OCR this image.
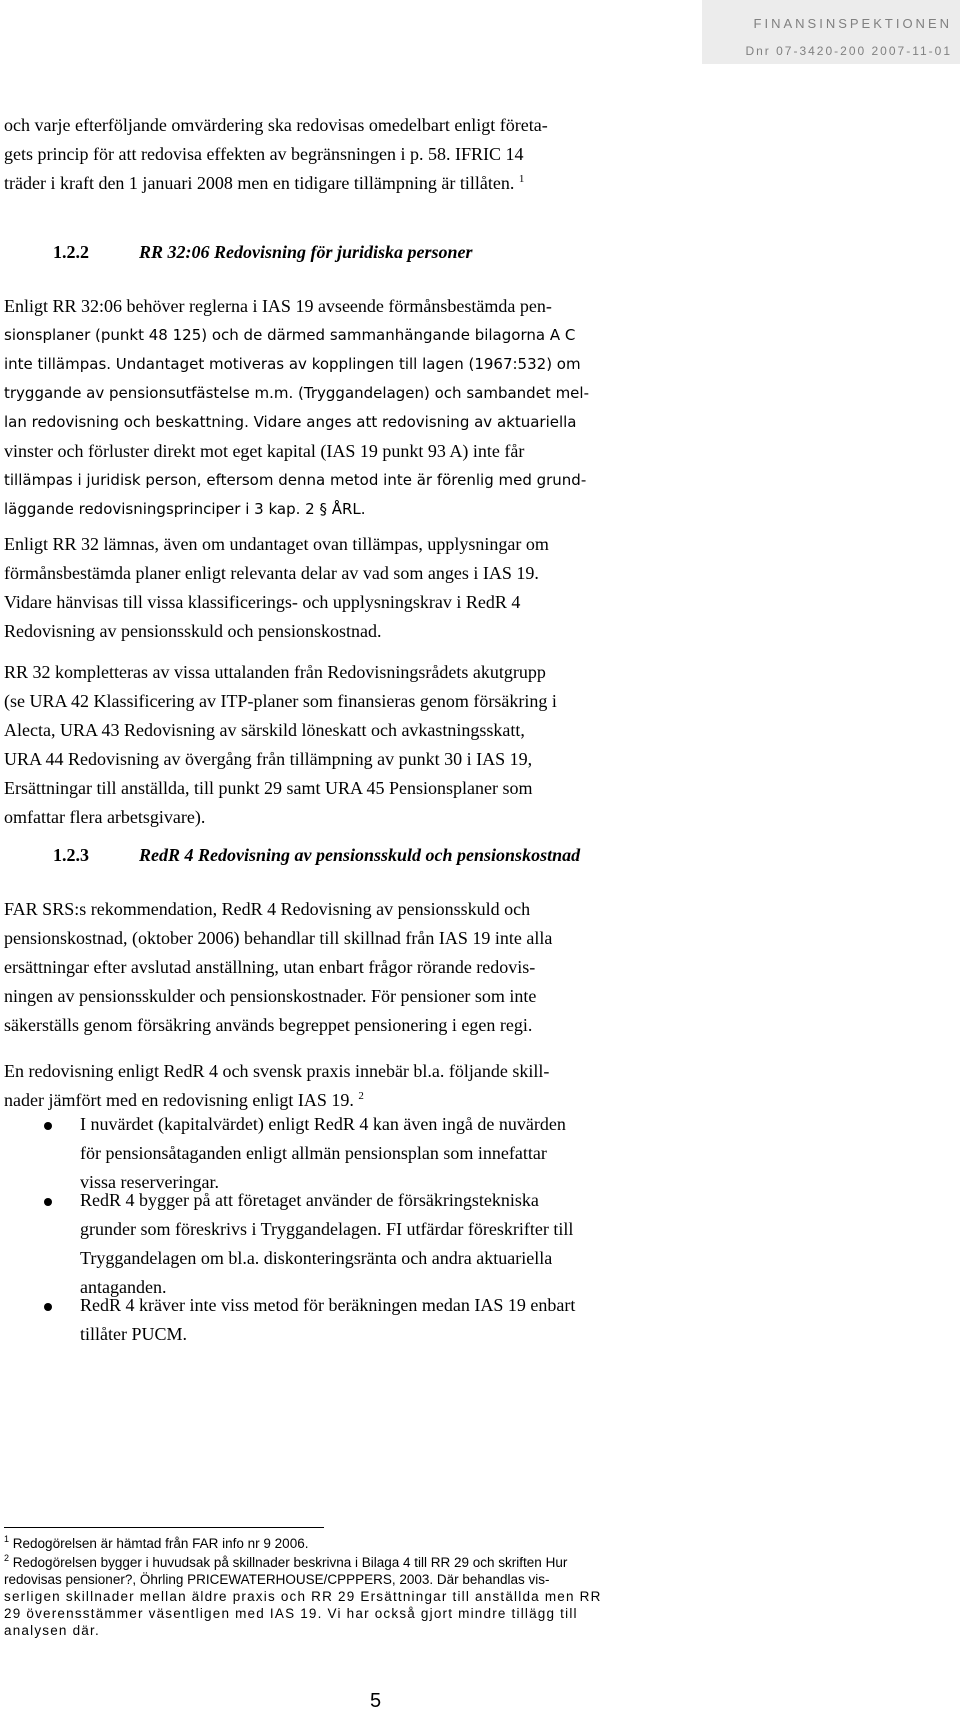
FINANSINSPEKTIONEN
Dnr 07-3420-200 2007-11-01
och varje efterföljande omvärdering ska redovisas omedelbart enligt företa-
gets princip för att redovisa effekten av begränsningen i p. 58. IFRIC 14
träder i kraft den 1 januari 2008 men en tidigare tillämpning är tillåten. $^1$
1.2.2	RR 32:06 Redovisning för juridiska personer
Enligt RR 32:06 behöver reglerna i IAS 19 avseende förmånsbestämda pen-
sionsplaner (punkt 48 125) och de därmed sammanhängande bilagorna A C
inte tillämpas. Undantaget motiveras av kopplingen till lagen (1967:532) om
tryggande av pensionsutfästelse m.m. (Tryggandelagen) och sambandet mel-
lan redovisning och beskattning. Vidare anges att redovisning av aktuariella
vinster och förluster direkt mot eget kapital (IAS 19 punkt 93 A) inte får
tillämpas i juridisk person, eftersom denna metod inte är förenlig med grund-
läggande redovisningsprinciper i 3 kap. 2 § ÅRL.
Enligt RR 32 lämnas, även om undantaget ovan tillämpas, upplysningar om
förmånsbestämda planer enligt relevanta delar av vad som anges i IAS 19.
Vidare hänvisas till vissa klassificerings- och upplysningskrav i RedR 4
Redovisning av pensionsskuld och pensionskostnad.
RR 32 kompletteras av vissa uttalanden från Redovisningsrådets akutgrupp
(se URA 42 Klassificering av ITP-planer som finansieras genom försäkring i
Alecta, URA 43 Redovisning av särskild löneskatt och avkastningsskatt,
URA 44 Redovisning av övergång från tillämpning av punkt 30 i IAS 19,
Ersättningar till anställda, till punkt 29 samt URA 45 Pensionsplaner som
omfattar flera arbetsgivare).
1.2.3	RedR 4 Redovisning av pensionsskuld och pensionskostnad
FAR SRS:s rekommendation, RedR 4 Redovisning av pensionsskuld och
pensionskostnad, (oktober 2006) behandlar till skillnad från IAS 19 inte alla
ersättningar efter avslutad anställning, utan enbart frågor rörande redovis-
ningen av pensionsskulder och pensionskostnader. För pensioner som inte
säkerställs genom försäkring används begreppet pensionering i egen regi.
En redovisning enligt RedR 4 och svensk praxis innebär bl.a. följande skill-
nader jämfört med en redovisning enligt IAS 19. $^2$
I nuvärdet (kapitalvärdet) enligt RedR 4 kan även ingå de nuvärden
för pensionsåtaganden enligt allmän pensionsplan som innefattar
vissa reserveringar.
RedR 4 bygger på att företaget använder de försäkringstekniska
grunder som föreskrivs i Tryggandelagen. FI utfärdar föreskrifter till
Tryggandelagen om bl.a. diskonteringsränta och andra aktuariella
antaganden.
RedR 4 kräver inte viss metod för beräkningen medan IAS 19 enbart
tillåter PUCM.
$^1$ Redogörelsen är hämtad från FAR info nr 9 2006.
$^2$ Redogörelsen bygger i huvudsak på skillnader beskrivna i Bilaga 4 till RR 29 och skriften Hur
redovisas pensioner?, Öhrling PRICEWATERHOUSE/CPPPERS, 2003. Där behandlas vis-
serligen skillnader mellan äldre praxis och RR 29 Ersättningar till anställda men RR
29 överensstämmer väsentligen med IAS 19. Vi har också gjort mindre tillägg till
analysen där.
5
